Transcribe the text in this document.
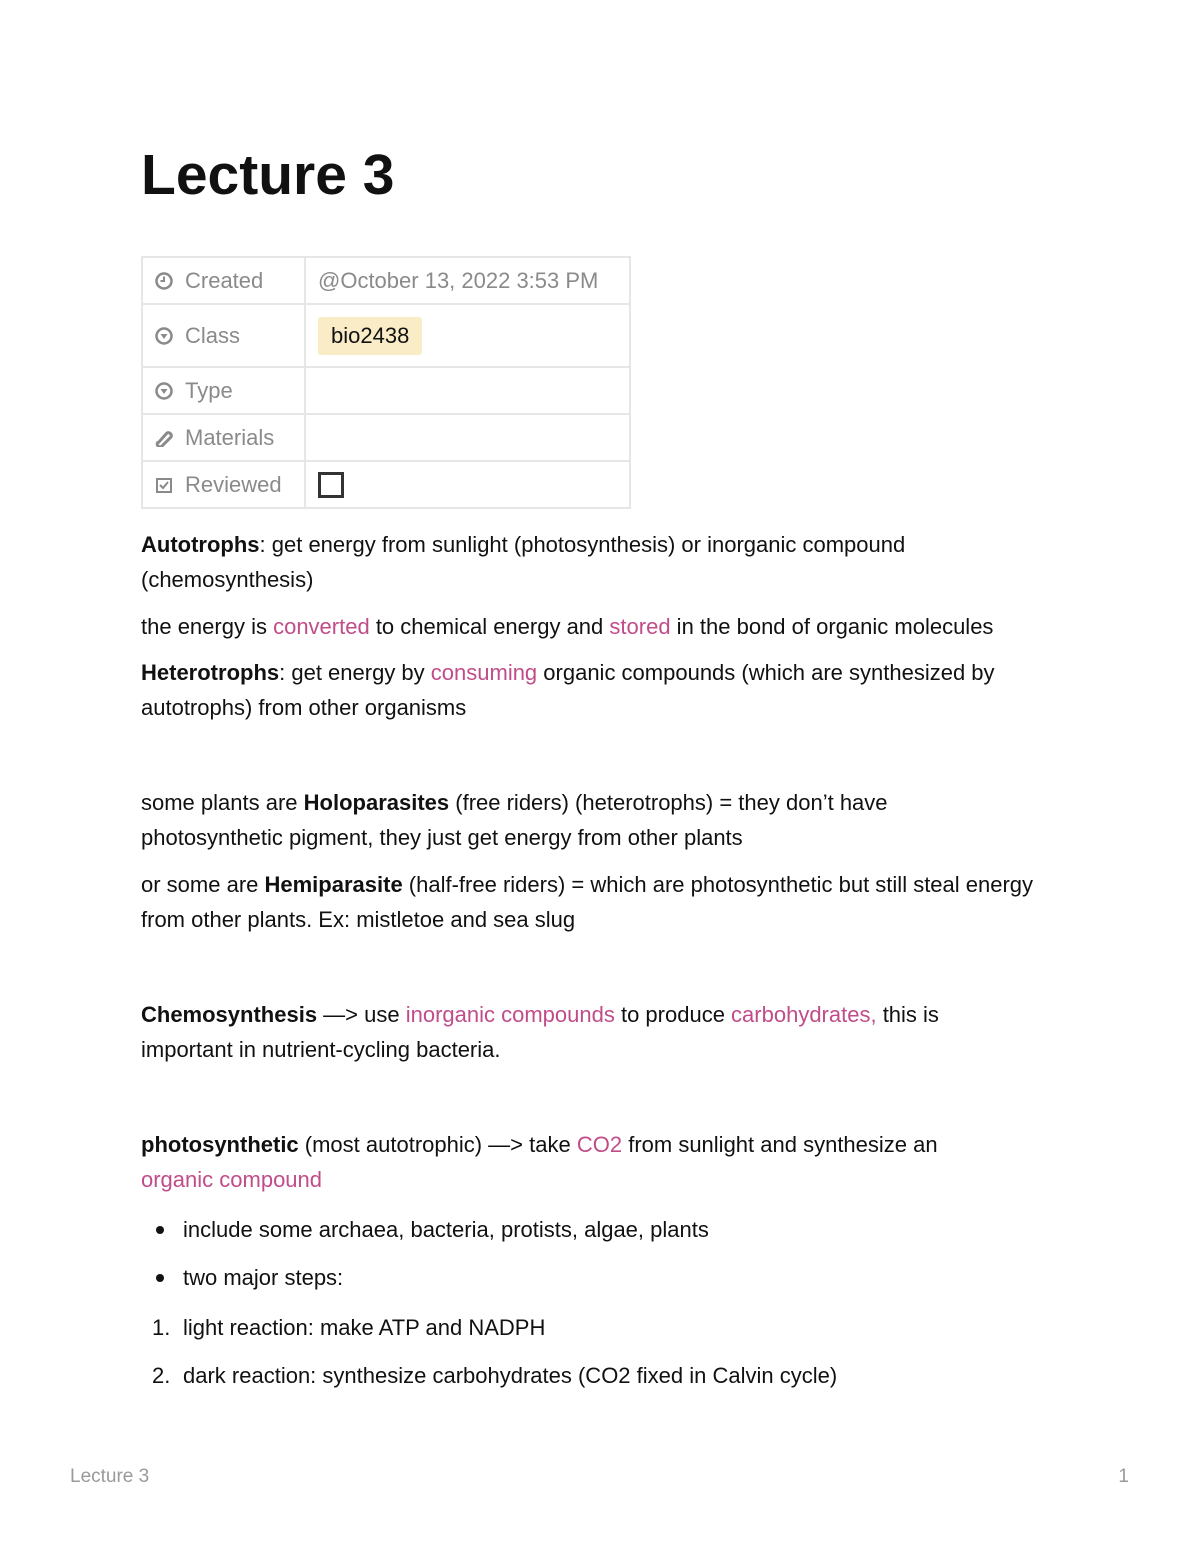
Lecture 3
Created	@October 13, 2022 3:53 PM
Class	bio2438
Type	
Materials	
Reviewed	

Autotrophs: get energy from sunlight (photosynthesis) or inorganic compound (chemosynthesis)

the energy is converted to chemical energy and stored in the bond of organic molecules

Heterotrophs: get energy by consuming organic compounds (which are synthesized by autotrophs) from other organisms

some plants are Holoparasites (free riders) (heterotrophs) = they don’t have photosynthetic pigment, they just get energy from other plants

or some are Hemiparasite (half-free riders) = which are photosynthetic but still steal energy from other plants. Ex: mistletoe and sea slug

Chemosynthesis —> use inorganic compounds to produce carbohydrates, this is important in nutrient-cycling bacteria.

photosynthetic (most autotrophic) —> take CO2 from sunlight and synthesize an organic compound

include some archaea, bacteria, protists, algae, plants
two major steps:
1. light reaction: make ATP and NADPH
2. dark reaction: synthesize carbohydrates (CO2 fixed in Calvin cycle)
Lecture 3	1
